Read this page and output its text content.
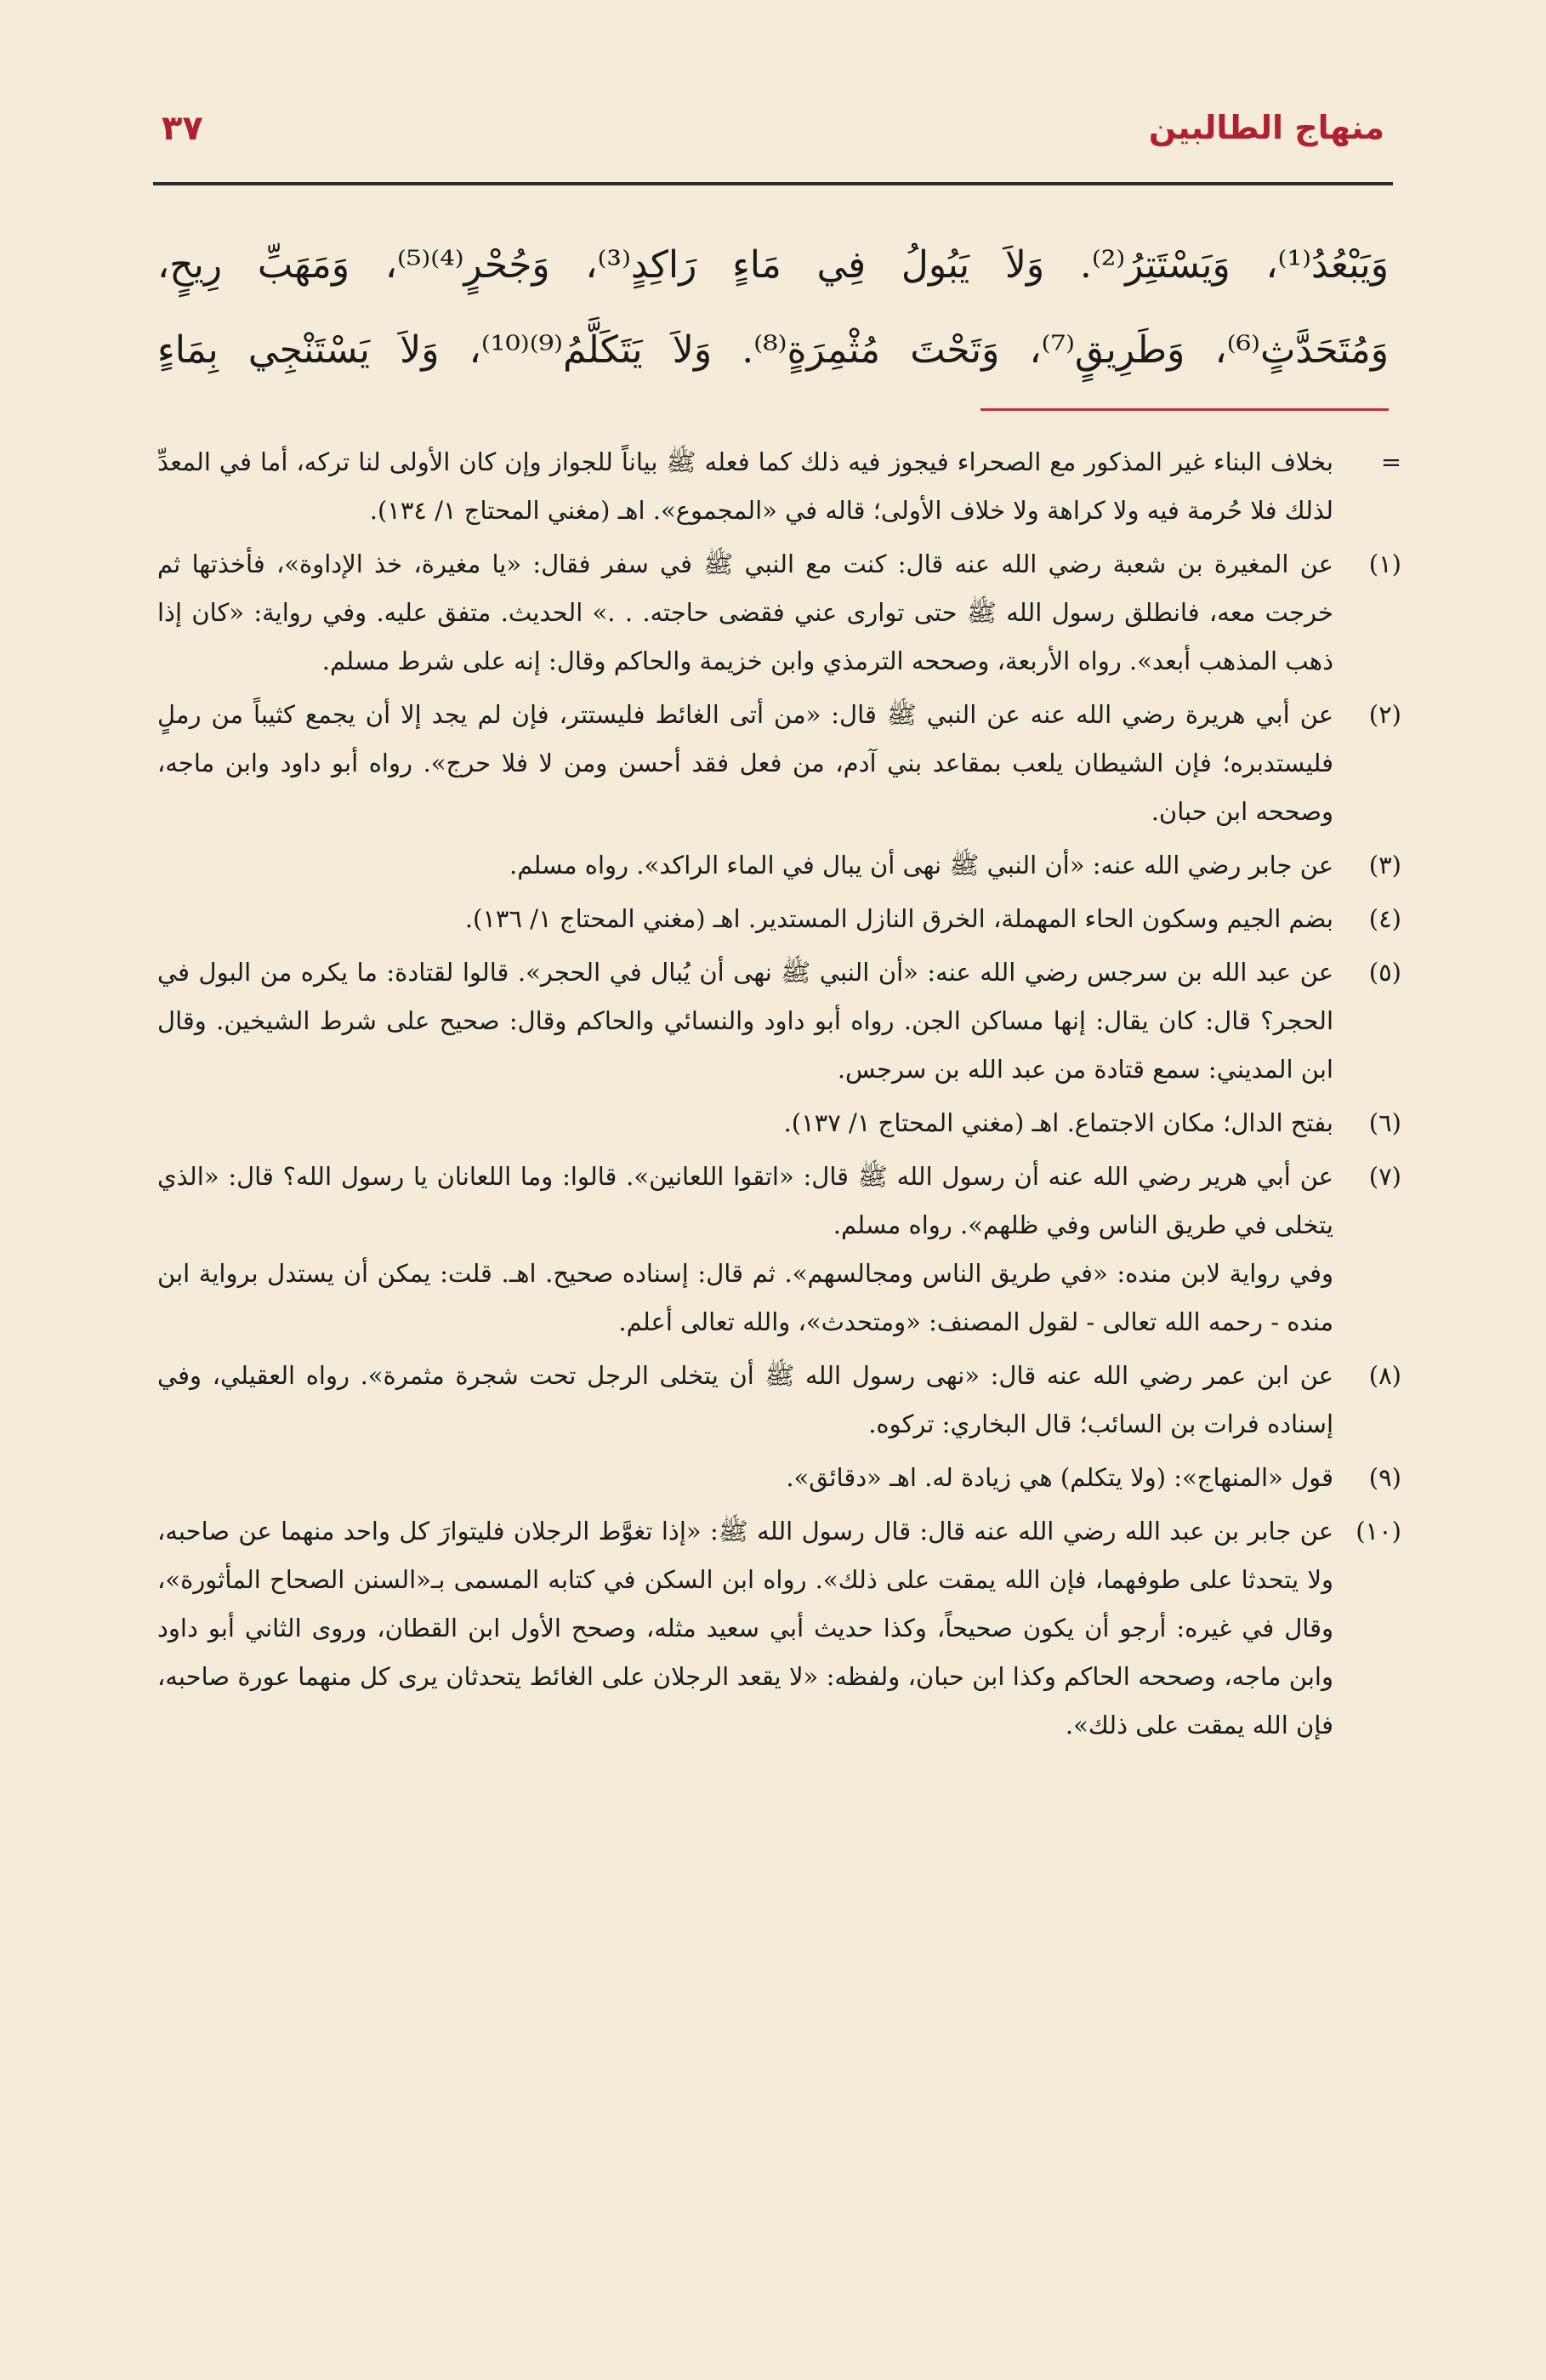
منهاج الطالبين
٣٧
وَيَبْعُدُ⁽¹⁾، وَيَسْتَتِرُ⁽²⁾. وَلاَ يَبُولُ فِي مَاءٍ رَاكِدٍ⁽³⁾، وَجُحْرٍ⁽⁴⁾⁽⁵⁾، وَمَهَبِّ رِيحٍ،
وَمُتَحَدَّثٍ⁽⁶⁾، وَطَرِيقٍ⁽⁷⁾، وَتَحْتَ مُثْمِرَةٍ⁽⁸⁾. وَلاَ يَتَكَلَّمُ⁽⁹⁾⁽¹⁰⁾، وَلاَ يَسْتَنْجِي بِمَاءٍ
=
بخلاف البناء غير المذكور مع الصحراء فيجوز فيه ذلك كما فعله ﷺ بياناً للجواز وإن كان الأولى لنا تركه، أما في المعدِّ لذلك فلا حُرمة فيه ولا كراهة ولا خلاف الأولى؛ قاله في «المجموع». اهـ (مغني المحتاج ١/ ١٣٤).
(١)
عن المغيرة بن شعبة رضي الله عنه قال: كنت مع النبي ﷺ في سفر فقال: «يا مغيرة، خذ الإداوة»، فأخذتها ثم خرجت معه، فانطلق رسول الله ﷺ حتى توارى عني فقضى حاجته. . .» الحديث. متفق عليه. وفي رواية: «كان إذا ذهب المذهب أبعد». رواه الأربعة، وصححه الترمذي وابن خزيمة والحاكم وقال: إنه على شرط مسلم.
(٢)
عن أبي هريرة رضي الله عنه عن النبي ﷺ قال: «من أتى الغائط فليستتر، فإن لم يجد إلا أن يجمع كثيباً من رملٍ فليستدبره؛ فإن الشيطان يلعب بمقاعد بني آدم، من فعل فقد أحسن ومن لا فلا حرج». رواه أبو داود وابن ماجه، وصححه ابن حبان.
(٣)
عن جابر رضي الله عنه: «أن النبي ﷺ نهى أن يبال في الماء الراكد». رواه مسلم.
(٤)
بضم الجيم وسكون الحاء المهملة، الخرق النازل المستدير. اهـ (مغني المحتاج ١/ ١٣٦).
(٥)
عن عبد الله بن سرجس رضي الله عنه: «أن النبي ﷺ نهى أن يُبال في الحجر». قالوا لقتادة: ما يكره من البول في الحجر؟ قال: كان يقال: إنها مساكن الجن. رواه أبو داود والنسائي والحاكم وقال: صحيح على شرط الشيخين. وقال ابن المديني: سمع قتادة من عبد الله بن سرجس.
(٦)
بفتح الدال؛ مكان الاجتماع. اهـ (مغني المحتاج ١/ ١٣٧).
(٧)
عن أبي هرير رضي الله عنه أن رسول الله ﷺ قال: «اتقوا اللعانين». قالوا: وما اللعانان يا رسول الله؟ قال: «الذي يتخلى في طريق الناس وفي ظلهم». رواه مسلم.
وفي رواية لابن منده: «في طريق الناس ومجالسهم». ثم قال: إسناده صحيح. اهـ. قلت: يمكن أن يستدل برواية ابن منده - رحمه الله تعالى - لقول المصنف: «ومتحدث»، والله تعالى أعلم.
(٨)
عن ابن عمر رضي الله عنه قال: «نهى رسول الله ﷺ أن يتخلى الرجل تحت شجرة مثمرة». رواه العقيلي، وفي إسناده فرات بن السائب؛ قال البخاري: تركوه.
(٩)
قول «المنهاج»: (ولا يتكلم) هي زيادة له. اهـ «دقائق».
(١٠)
عن جابر بن عبد الله رضي الله عنه قال: قال رسول الله ﷺ: «إذا تغوَّط الرجلان فليتوارَ كل واحد منهما عن صاحبه، ولا يتحدثا على طوفهما، فإن الله يمقت على ذلك». رواه ابن السكن في كتابه المسمى بـ«السنن الصحاح المأثورة»، وقال في غيره: أرجو أن يكون صحيحاً، وكذا حديث أبي سعيد مثله، وصحح الأول ابن القطان، وروى الثاني أبو داود وابن ماجه، وصححه الحاكم وكذا ابن حبان، ولفظه: «لا يقعد الرجلان على الغائط يتحدثان يرى كل منهما عورة صاحبه، فإن الله يمقت على ذلك».
